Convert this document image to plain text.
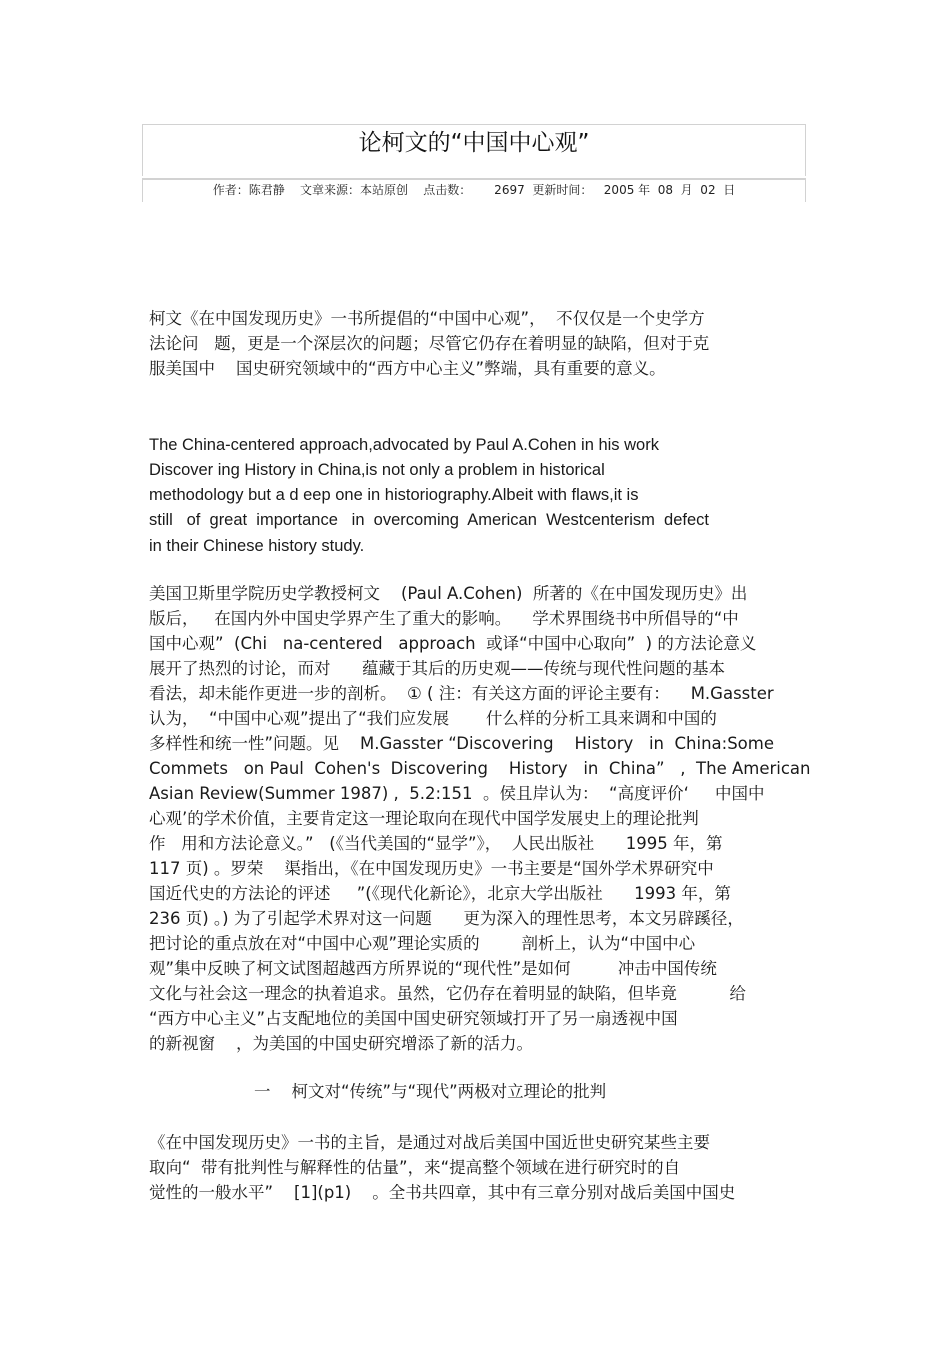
论柯文的“中国中心观”
作者：陈君静    文章来源：本站原创    点击数：      2697  更新时间：   2005 年  08  月  02  日
柯文《在中国发现历史》一书所提倡的“中国中心观”，  不仅仅是一个史学方
法论问   题，更是一个深层次的问题；尽管它仍存在着明显的缺陷，但对于克
服美国中    国史研究领域中的“西方中心主义”弊端，具有重要的意义。
The China-centered approach,advocated by Paul A.Cohen in his work
Discover ing History in China,is not only a problem in historical
methodology but a d eep one in historiography.Albeit with flaws,it is
still   of  great  importance   in  overcoming  American  Westcenterism  defect
in their Chinese history study.
美国卫斯里学院历史学教授柯文    (Paul A.Cohen)  所著的《在中国发现历史》出
版后，   在国内外中国史学界产生了重大的影响。    学术界围绕书中所倡导的“中
国中心观”  (Chi   na-centered   approach  或译“中国中心取向”  ) 的方法论意义
展开了热烈的讨论，而对      蕴藏于其后的历史观——传统与现代性问题的基本
看法，却未能作更进一步的剖析。  ① ( 注：有关这方面的评论主要有：    M.Gasster
认为，  “中国中心观”提出了“我们应发展       什么样的分析工具来调和中国的
多样性和统一性”问题。见    M.Gasster “Discovering    History   in  China:Some
Commets   on Paul  Cohen's  Discovering    History   in  China”   ,  The American
Asian Review(Summer 1987) ,  5.2:151  。侯且岸认为：  “高度评价‘     中国中
心观’的学术价值，主要肯定这一理论取向在现代中国学发展史上的理论批判
作   用和方法论意义。”   (《当代美国的“显学”》，  人民出版社      1995 年，第
117 页) 。罗荣    渠指出，《在中国发现历史》一书主要是“国外学术界研究中
国近代史的方法论的评述     ”(《现代化新论》，北京大学出版社      1993 年，第
236 页) 。) 为了引起学术界对这一问题      更为深入的理性思考，本文另辟蹊径，
把讨论的重点放在对“中国中心观”理论实质的        剖析上，认为“中国中心
观”集中反映了柯文试图超越西方所界说的“现代性”是如何         冲击中国传统
文化与社会这一理念的执着追求。虽然，它仍存在着明显的缺陷，但毕竟          给
“西方中心主义”占支配地位的美国中国史研究领域打开了另一扇透视中国
的新视窗    ，为美国的中国史研究增添了新的活力。
一    柯文对“传统”与“现代”两极对立理论的批判
《在中国发现历史》一书的主旨，是通过对战后美国中国近世史研究某些主要
取向“  带有批判性与解释性的估量”，来“提高整个领域在进行研究时的自
觉性的一般水平”    [1](p1)    。全书共四章，其中有三章分别对战后美国中国史
